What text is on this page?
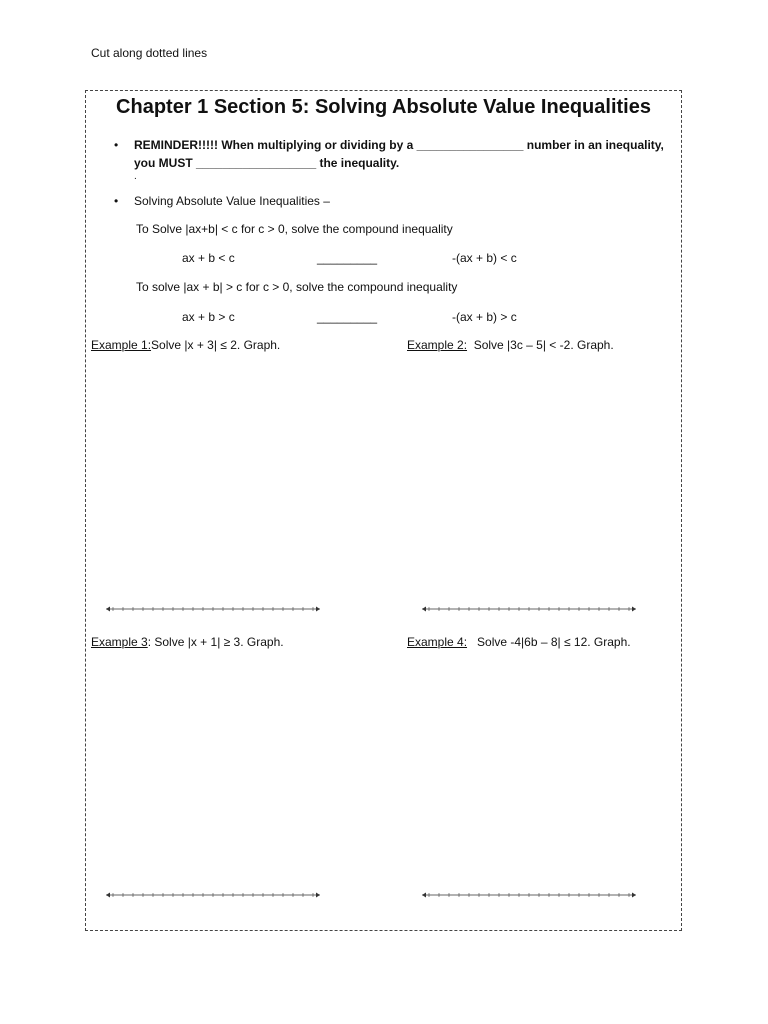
Cut along dotted lines
Chapter 1 Section 5: Solving Absolute Value Inequalities
•	REMINDER!!!!! When multiplying or dividing by a ________________ number in an inequality,
you MUST __________________ the inequality.
.
•	Solving Absolute Value Inequalities –
To Solve |ax+b| < c for c > 0, solve the compound inequality
ax + b < c	_________	-(ax + b) < c
To solve |ax + b| > c for c > 0, solve the compound inequality
ax + b > c	_________	-(ax + b) > c
Example 1:Solve |x + 3| ≤ 2. Graph.	Example 2:  Solve |3c – 5| < -2. Graph.
Example 3: Solve |x + 1| ≥ 3. Graph.	Example 4:   Solve -4|6b – 8| ≤ 12. Graph.
